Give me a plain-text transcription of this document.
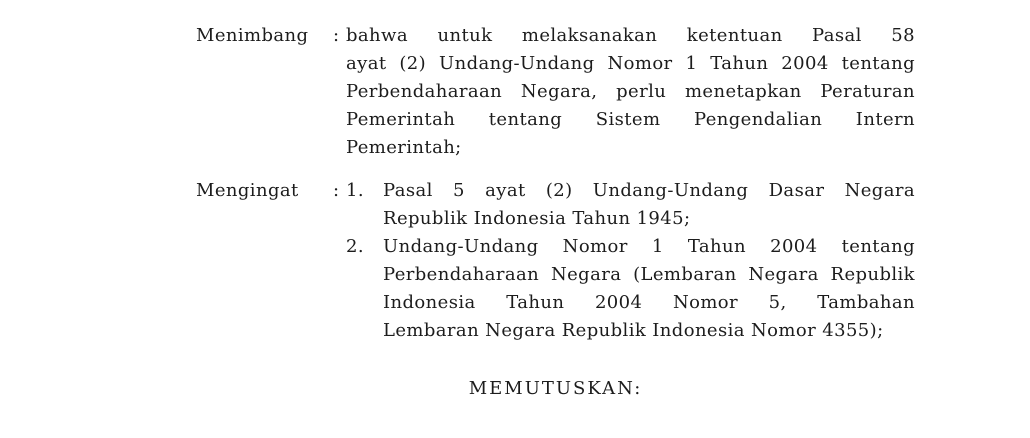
Menimbang	: bahwa untuk melaksanakan ketentuan Pasal 58
ayat (2) Undang-Undang Nomor 1 Tahun 2004 tentang
Perbendaharaan Negara, perlu menetapkan Peraturan
Pemerintah tentang Sistem Pengendalian Intern
Pemerintah;
Mengingat	: 1.	Pasal 5 ayat (2) Undang-Undang Dasar Negara
Republik Indonesia Tahun 1945;
2.	Undang-Undang Nomor 1 Tahun 2004 tentang
Perbendaharaan Negara (Lembaran Negara Republik
Indonesia Tahun 2004 Nomor 5, Tambahan
Lembaran Negara Republik Indonesia Nomor 4355);
MEMUTUSKAN:
